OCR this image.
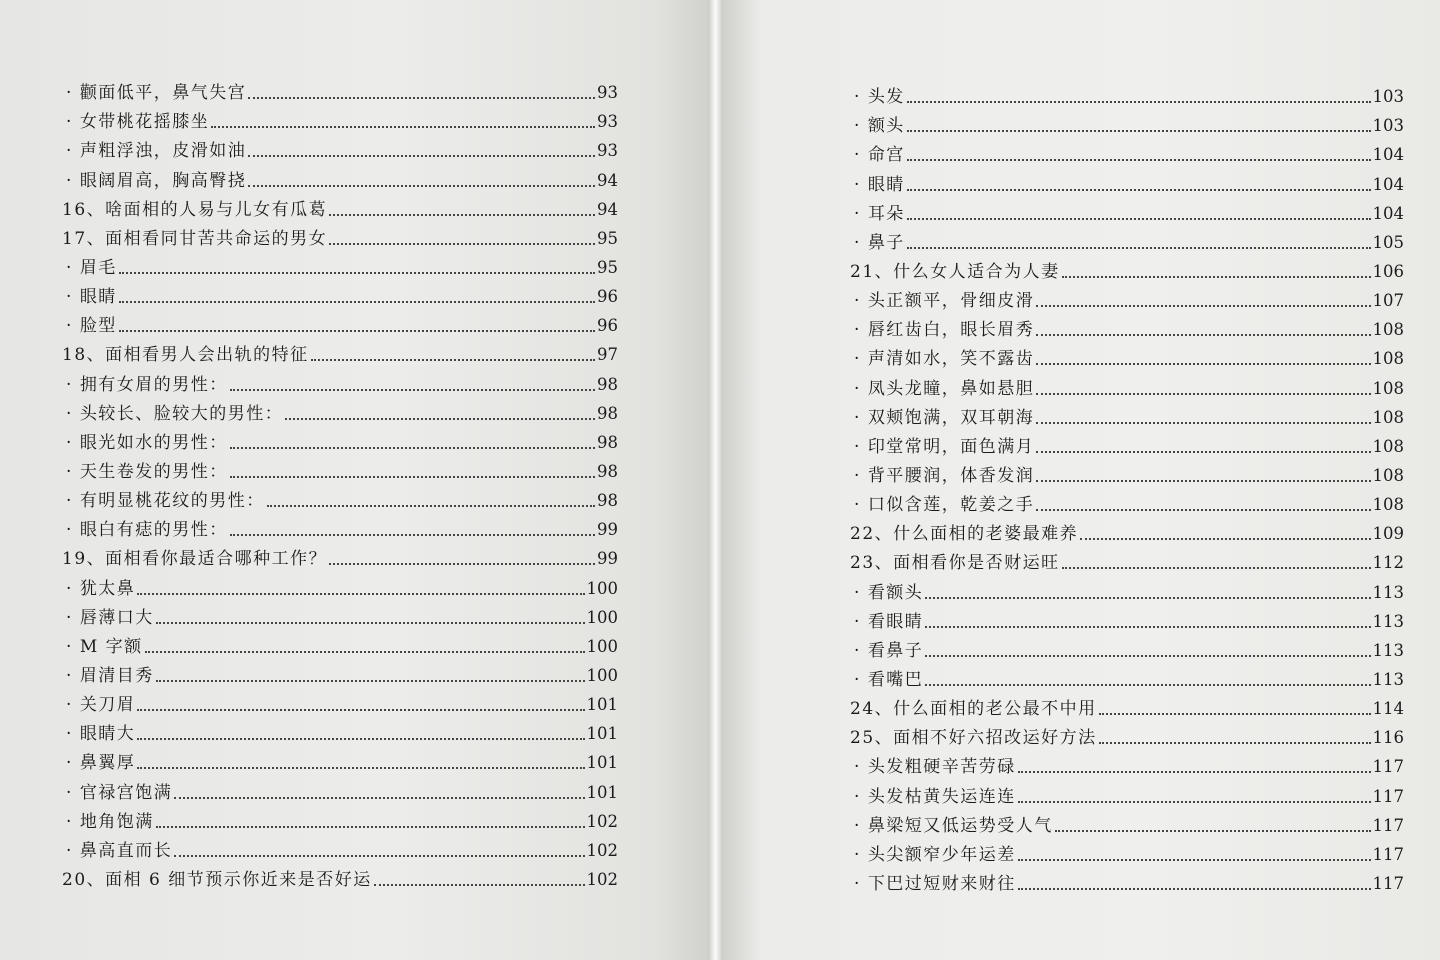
· 颧面低平，鼻气失宫	93
· 女带桃花摇膝坐	93
· 声粗浮浊，皮滑如油	93
· 眼阔眉高，胸高臀挠	94
16、啥面相的人易与儿女有瓜葛	94
17、面相看同甘苦共命运的男女	95
· 眉毛	95
· 眼睛	96
· 脸型	96
18、面相看男人会出轨的特征	97
· 拥有女眉的男性：	98
· 头较长、脸较大的男性：	98
· 眼光如水的男性：	98
· 天生卷发的男性：	98
· 有明显桃花纹的男性：	98
· 眼白有痣的男性：	99
19、面相看你最适合哪种工作？	99
· 犹太鼻	100
· 唇薄口大	100
· M 字额	100
· 眉清目秀	100
· 关刀眉	101
· 眼睛大	101
· 鼻翼厚	101
· 官禄宫饱满	101
· 地角饱满	102
· 鼻高直而长	102
20、面相 6 细节预示你近来是否好运	102
· 头发	103
· 额头	103
· 命宫	104
· 眼睛	104
· 耳朵	104
· 鼻子	105
21、什么女人适合为人妻	106
· 头正额平，骨细皮滑	107
· 唇红齿白，眼长眉秀	108
· 声清如水，笑不露齿	108
· 凤头龙瞳，鼻如悬胆	108
· 双颊饱满，双耳朝海	108
· 印堂常明，面色满月	108
· 背平腰润，体香发润	108
· 口似含莲，乾姜之手	108
22、什么面相的老婆最难养	109
23、面相看你是否财运旺	112
· 看额头	113
· 看眼睛	113
· 看鼻子	113
· 看嘴巴	113
24、什么面相的老公最不中用	114
25、面相不好六招改运好方法	116
· 头发粗硬辛苦劳碌	117
· 头发枯黄失运连连	117
· 鼻梁短又低运势受人气	117
· 头尖额窄少年运差	117
· 下巴过短财来财往	117
